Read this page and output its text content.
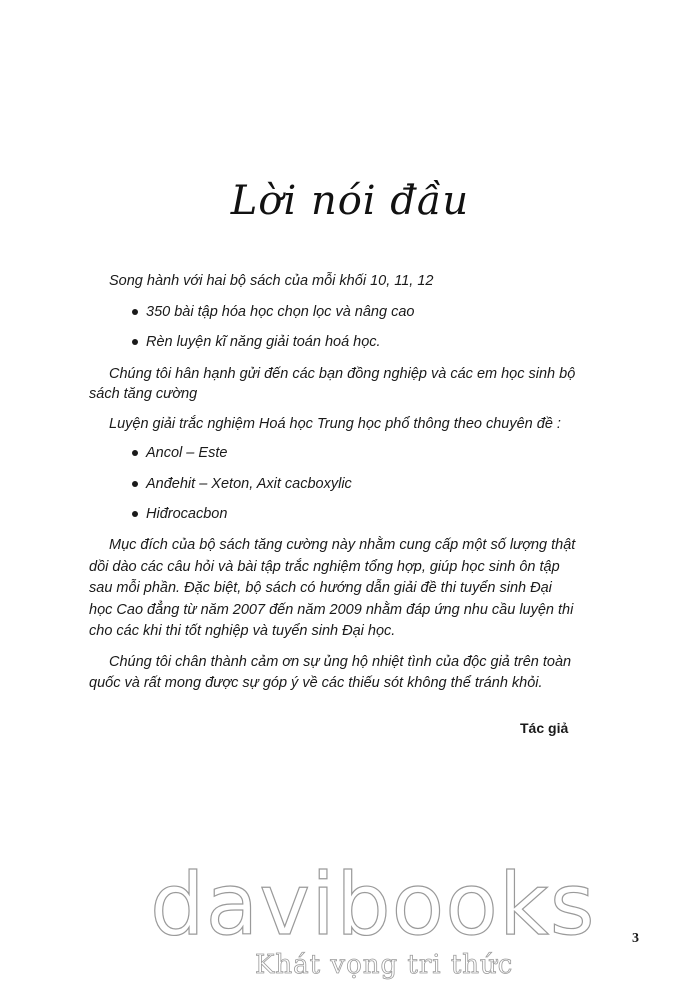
Lời nói đầu
Song hành với hai bộ sách của mỗi khối 10, 11, 12
350 bài tập hóa học chọn lọc và nâng cao
Rèn luyện kĩ năng giải toán hoá học.
Chúng tôi hân hạnh gửi đến các bạn đồng nghiệp và các em học sinh bộ
sách tăng cường
Luyện giải trắc nghiệm Hoá học Trung học phổ thông theo chuyên đề :
Ancol – Este
Anđehit – Xeton, Axit cacboxylic
Hiđrocacbon
Mục đích của bộ sách tăng cường này nhằm cung cấp một số lượng thật
dồi dào các câu hỏi và bài tập trắc nghiệm tổng hợp, giúp học sinh ôn tập
sau mỗi phần. Đặc biệt, bộ sách có hướng dẫn giải đề thi tuyển sinh Đại
học Cao đẳng từ năm 2007 đến năm 2009 nhằm đáp ứng nhu cầu luyện thi
cho các khi thi tốt nghiệp và tuyển sinh Đại học.
Chúng tôi chân thành cảm ơn sự ủng hộ nhiệt tình của độc giả trên toàn
quốc và rất mong được sự góp ý về các thiếu sót không thể tránh khỏi.
Tác giả
davibooks
Khát vọng tri thức
3
